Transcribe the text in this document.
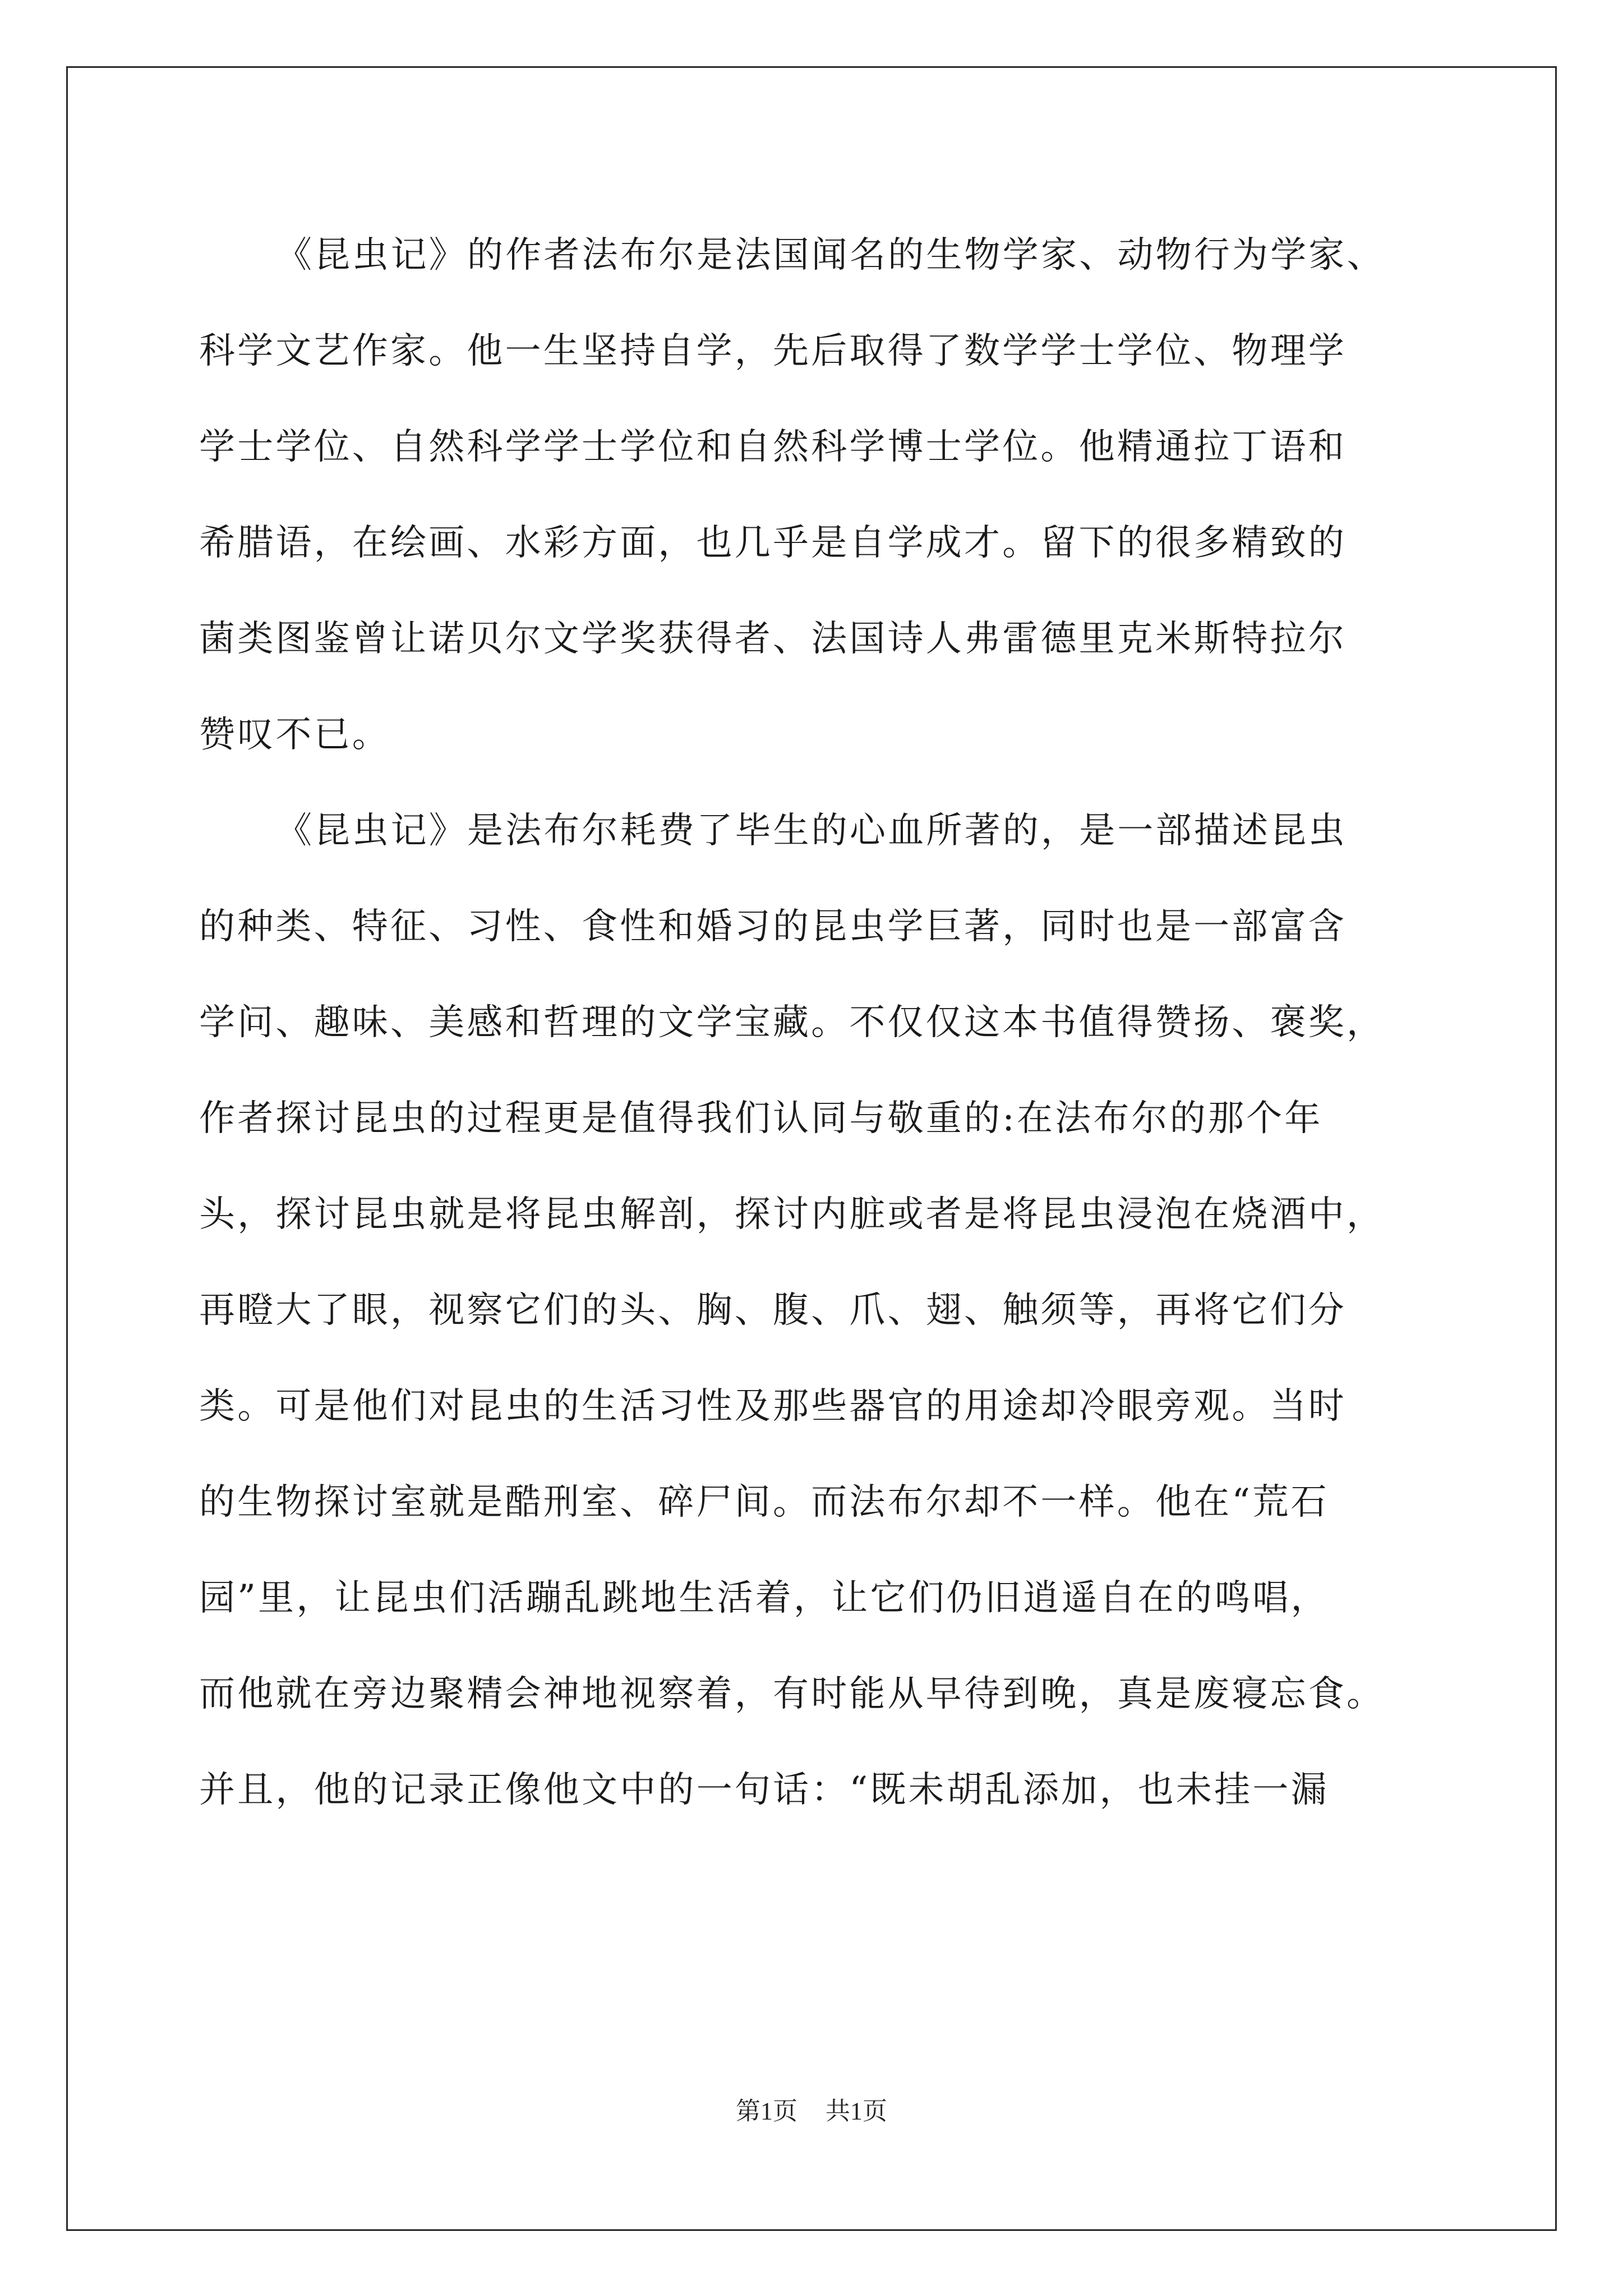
《昆虫记》的作者法布尔是法国闻名的生物学家、动物行为学家、
科学文艺作家。他一生坚持自学，先后取得了数学学士学位、物理学
学士学位、自然科学学士学位和自然科学博士学位。他精通拉丁语和
希腊语，在绘画、水彩方面，也几乎是自学成才。留下的很多精致的
菌类图鉴曾让诺贝尔文学奖获得者、法国诗人弗雷德里克米斯特拉尔
赞叹不已。
《昆虫记》是法布尔耗费了毕生的心血所著的，是一部描述昆虫
的种类、特征、习性、食性和婚习的昆虫学巨著，同时也是一部富含
学问、趣味、美感和哲理的文学宝藏。不仅仅这本书值得赞扬、褒奖，
作者探讨昆虫的过程更是值得我们认同与敬重的:在法布尔的那个年
头，探讨昆虫就是将昆虫解剖，探讨内脏或者是将昆虫浸泡在烧酒中，
再瞪大了眼，视察它们的头、胸、腹、爪、翅、触须等，再将它们分
类。可是他们对昆虫的生活习性及那些器官的用途却冷眼旁观。当时
的生物探讨室就是酷刑室、碎尸间。而法布尔却不一样。他在“荒石
园”里，让昆虫们活蹦乱跳地生活着，让它们仍旧逍遥自在的鸣唱，
而他就在旁边聚精会神地视察着，有时能从早待到晚，真是废寝忘食。
并且，他的记录正像他文中的一句话：“既未胡乱添加，也未挂一漏
第1页 共1页
